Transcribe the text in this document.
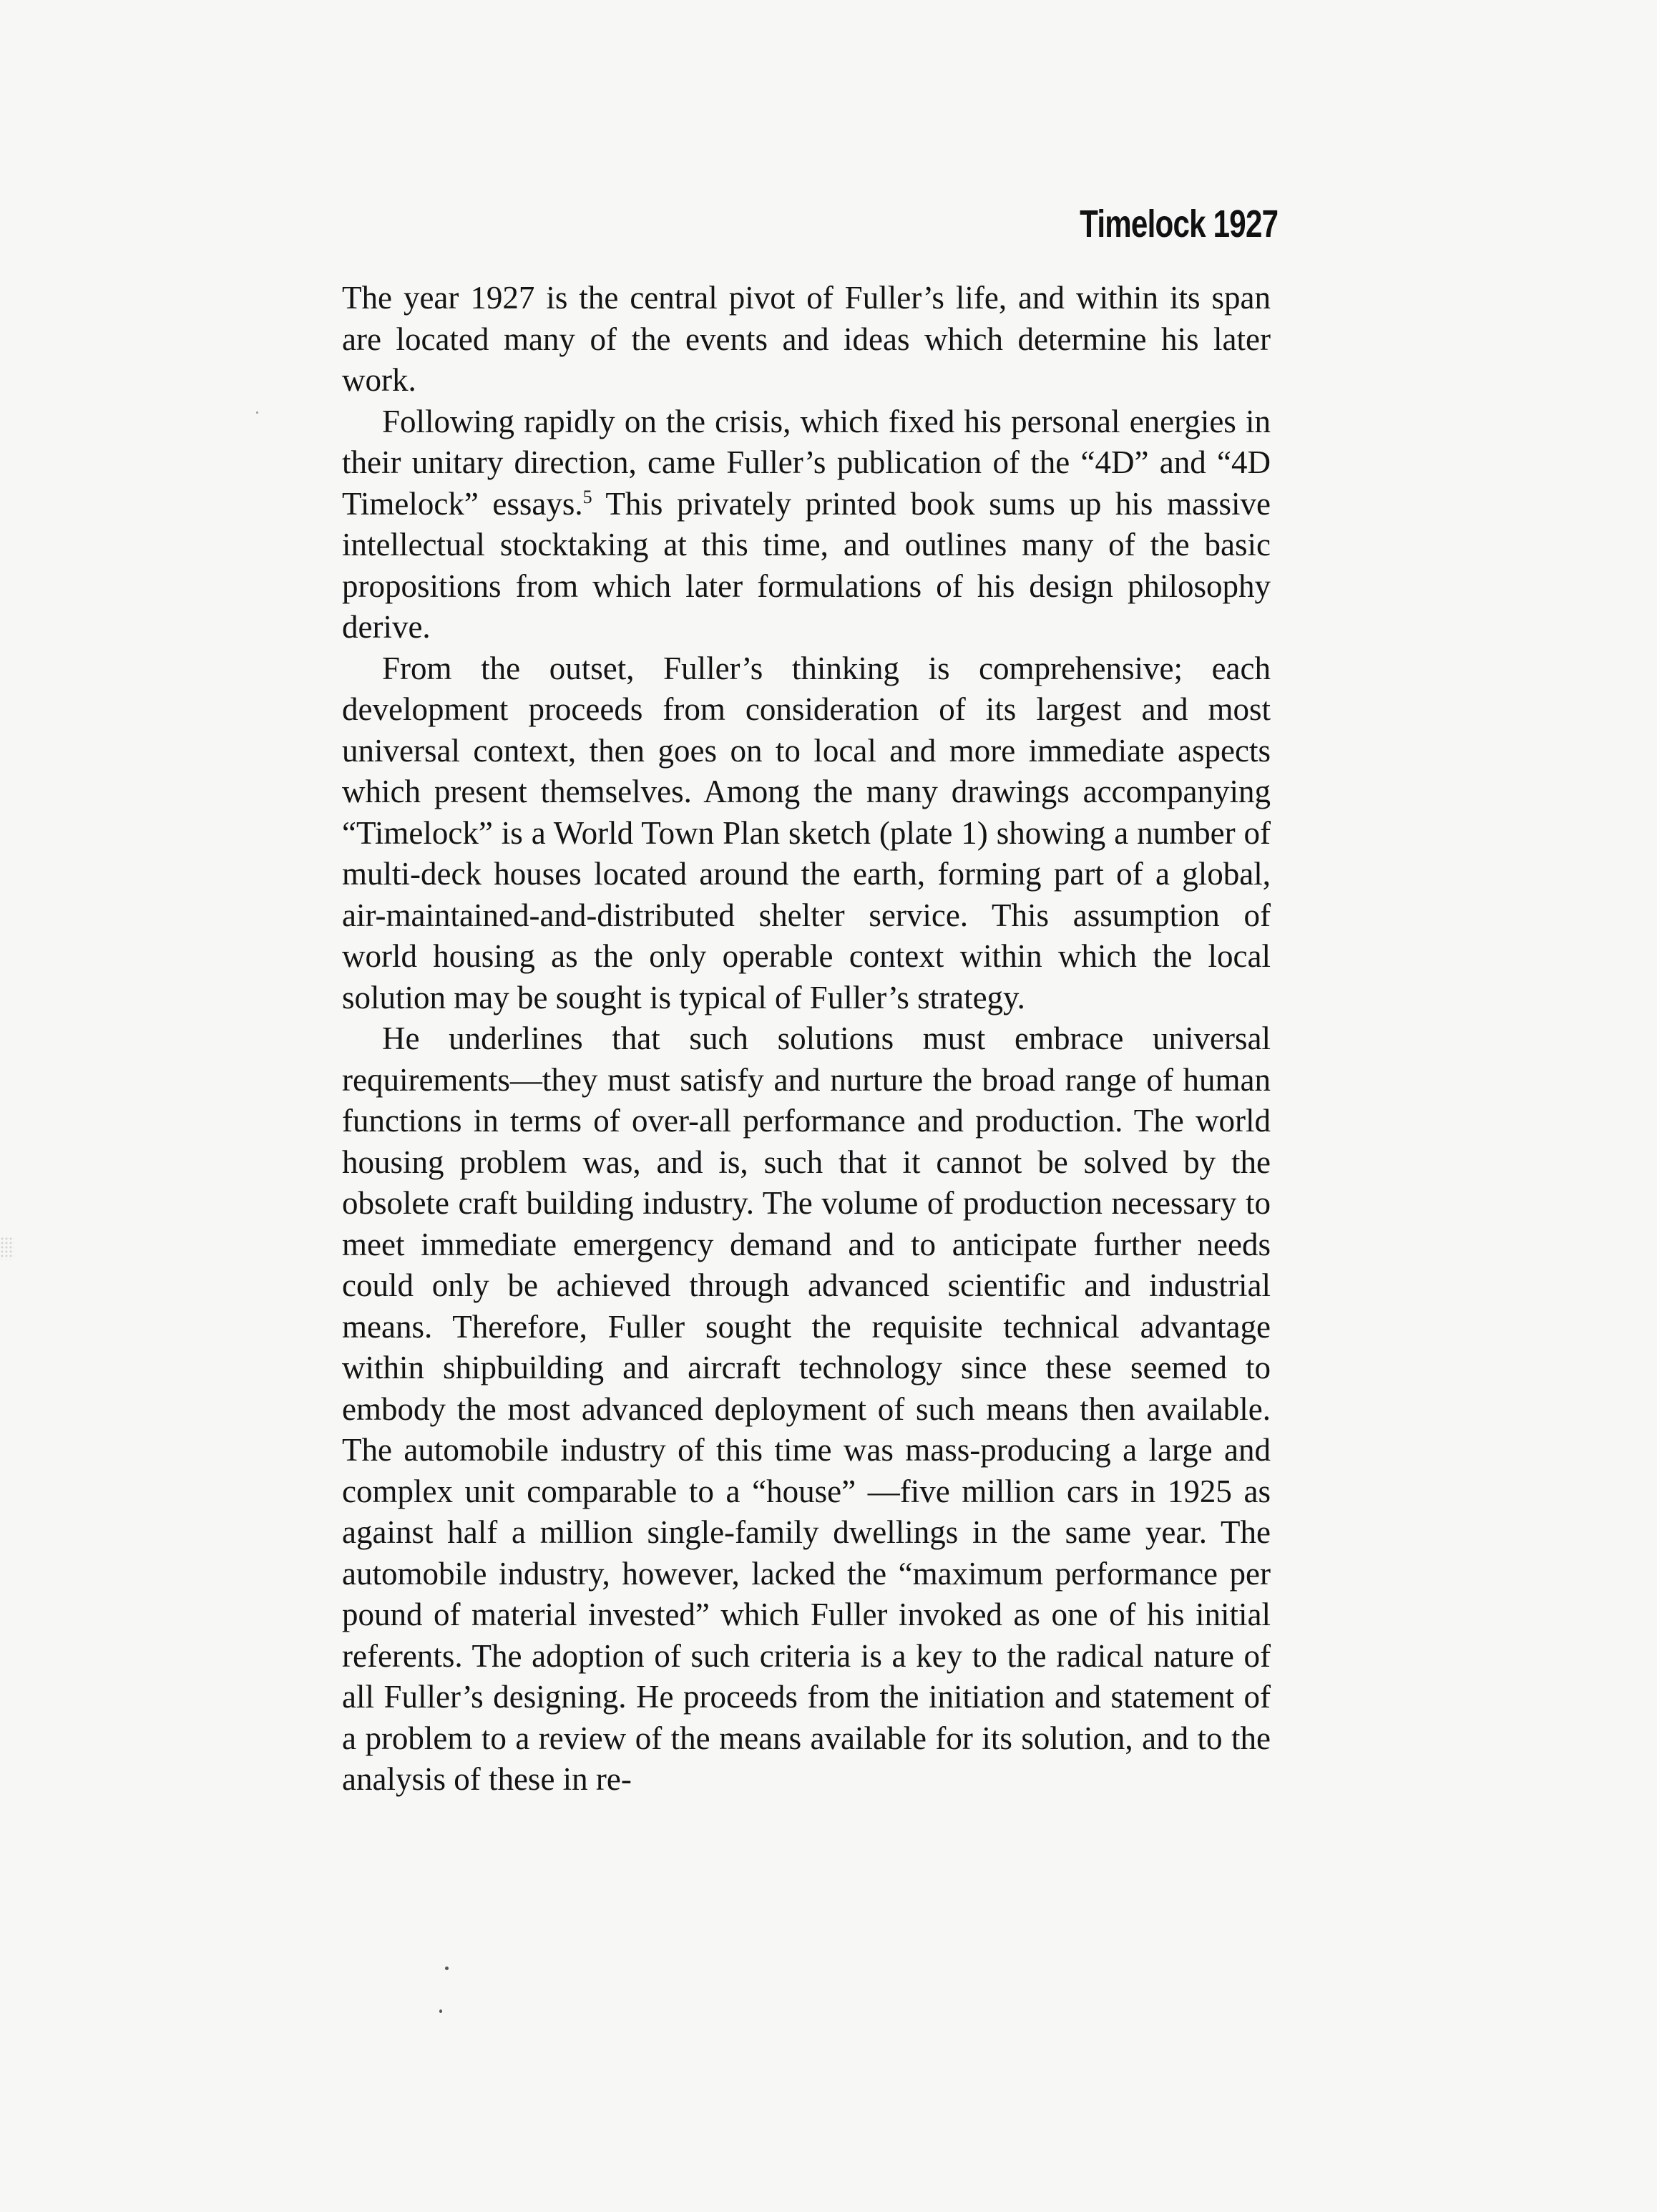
Timelock 1927

The year 1927 is the central pivot of Fuller’s life, and within its span are located many of the events and ideas which determine his later work.

Following rapidly on the crisis, which fixed his personal energies in their unitary direction, came Fuller’s publication of the “4D” and “4D Timelock” essays.$^5$ This privately printed book sums up his massive intellectual stocktaking at this time, and outlines many of the basic propositions from which later formulations of his design philosophy derive.

From the outset, Fuller’s thinking is comprehensive; each development proceeds from consideration of its largest and most universal context, then goes on to local and more immediate aspects which present themselves. Among the many drawings accompanying “Timelock” is a World Town Plan sketch (plate 1) showing a number of multi-deck houses located around the earth, forming part of a global, air-maintained-and-distributed shelter service. This assumption of world housing as the only operable context within which the local solution may be sought is typical of Fuller’s strategy.

He underlines that such solutions must embrace universal requirements—they must satisfy and nurture the broad range of human functions in terms of over-all performance and production. The world housing problem was, and is, such that it cannot be solved by the obsolete craft building industry. The volume of production necessary to meet immediate emergency demand and to anticipate further needs could only be achieved through advanced scientific and industrial means. Therefore, Fuller sought the requisite technical advantage within shipbuilding and aircraft technology since these seemed to embody the most advanced deployment of such means then available. The automobile industry of this time was mass-producing a large and complex unit comparable to a “house” —five million cars in 1925 as against half a million single-family dwellings in the same year. The automobile industry, however, lacked the “maximum performance per pound of material invested” which Fuller invoked as one of his initial referents. The adoption of such criteria is a key to the radical nature of all Fuller’s designing. He proceeds from the initiation and statement of a problem to a review of the means available for its solution, and to the analysis of these in re-
